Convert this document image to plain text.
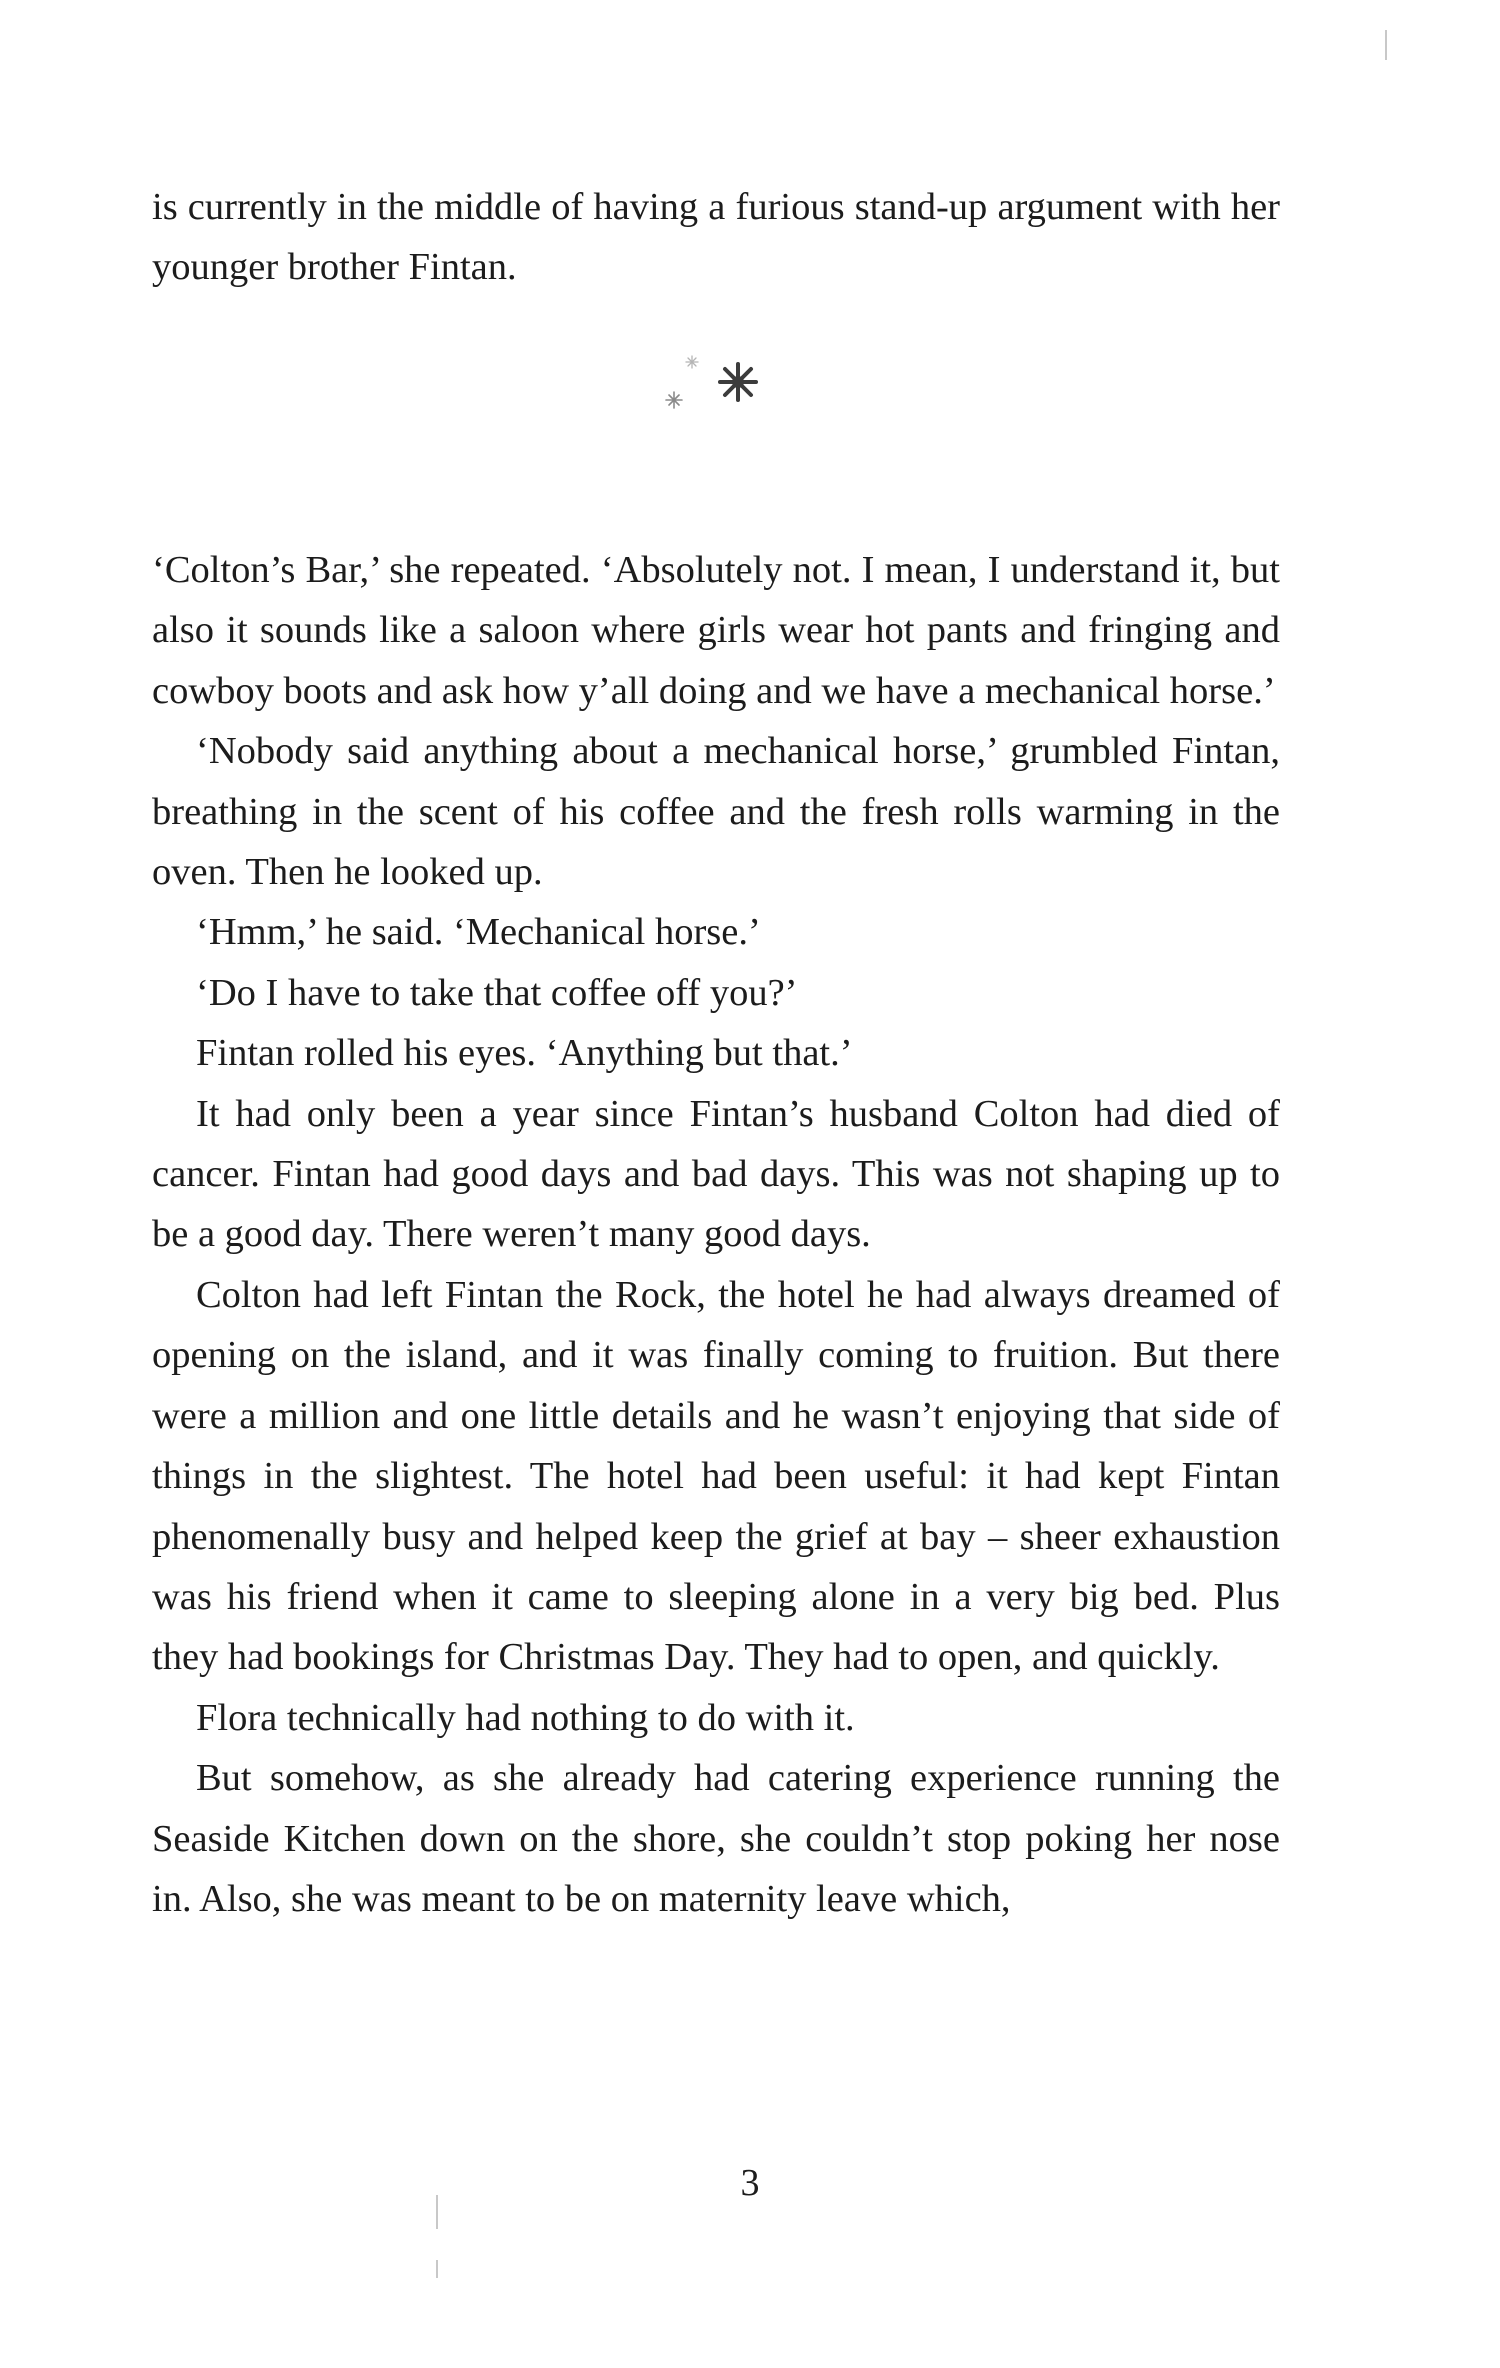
is currently in the middle of having a furious stand-up argument with her younger brother Fintan.

‘Colton’s Bar,’ she repeated. ‘Absolutely not. I mean, I understand it, but also it sounds like a saloon where girls wear hot pants and fringing and cowboy boots and ask how y’all doing and we have a mechanical horse.’

‘Nobody said anything about a mechanical horse,’ grumbled Fintan, breathing in the scent of his coffee and the fresh rolls warming in the oven. Then he looked up.

‘Hmm,’ he said. ‘Mechanical horse.’

‘Do I have to take that coffee off you?’

Fintan rolled his eyes. ‘Anything but that.’

It had only been a year since Fintan’s husband Colton had died of cancer. Fintan had good days and bad days. This was not shaping up to be a good day. There weren’t many good days.

Colton had left Fintan the Rock, the hotel he had always dreamed of opening on the island, and it was finally coming to fruition. But there were a million and one little details and he wasn’t enjoying that side of things in the slightest. The hotel had been useful: it had kept Fintan phenomenally busy and helped keep the grief at bay – sheer exhaustion was his friend when it came to sleeping alone in a very big bed. Plus they had bookings for Christmas Day. They had to open, and quickly.

Flora technically had nothing to do with it.

But somehow, as she already had catering experience running the Seaside Kitchen down on the shore, she couldn’t stop poking her nose in. Also, she was meant to be on maternity leave which,

3
